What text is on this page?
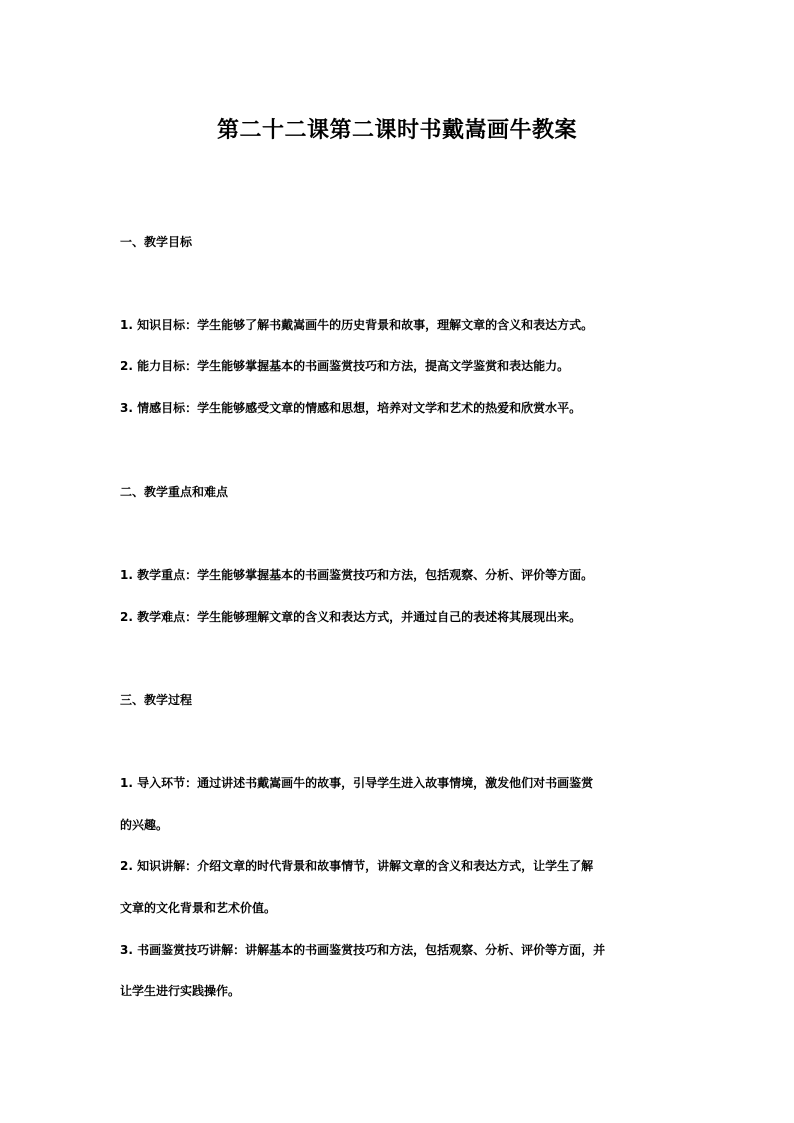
第二十二课第二课时书戴嵩画牛教案
一、教学目标
1. 知识目标：学生能够了解书戴嵩画牛的历史背景和故事，理解文章的含义和表达方式。
2. 能力目标：学生能够掌握基本的书画鉴赏技巧和方法，提高文学鉴赏和表达能力。
3. 情感目标：学生能够感受文章的情感和思想，培养对文学和艺术的热爱和欣赏水平。
二、教学重点和难点
1. 教学重点：学生能够掌握基本的书画鉴赏技巧和方法，包括观察、分析、评价等方面。
2. 教学难点：学生能够理解文章的含义和表达方式，并通过自己的表述将其展现出来。
三、教学过程
1. 导入环节：通过讲述书戴嵩画牛的故事，引导学生进入故事情境，激发他们对书画鉴赏
的兴趣。
2. 知识讲解：介绍文章的时代背景和故事情节，讲解文章的含义和表达方式，让学生了解
文章的文化背景和艺术价值。
3. 书画鉴赏技巧讲解：讲解基本的书画鉴赏技巧和方法，包括观察、分析、评价等方面，并
让学生进行实践操作。
